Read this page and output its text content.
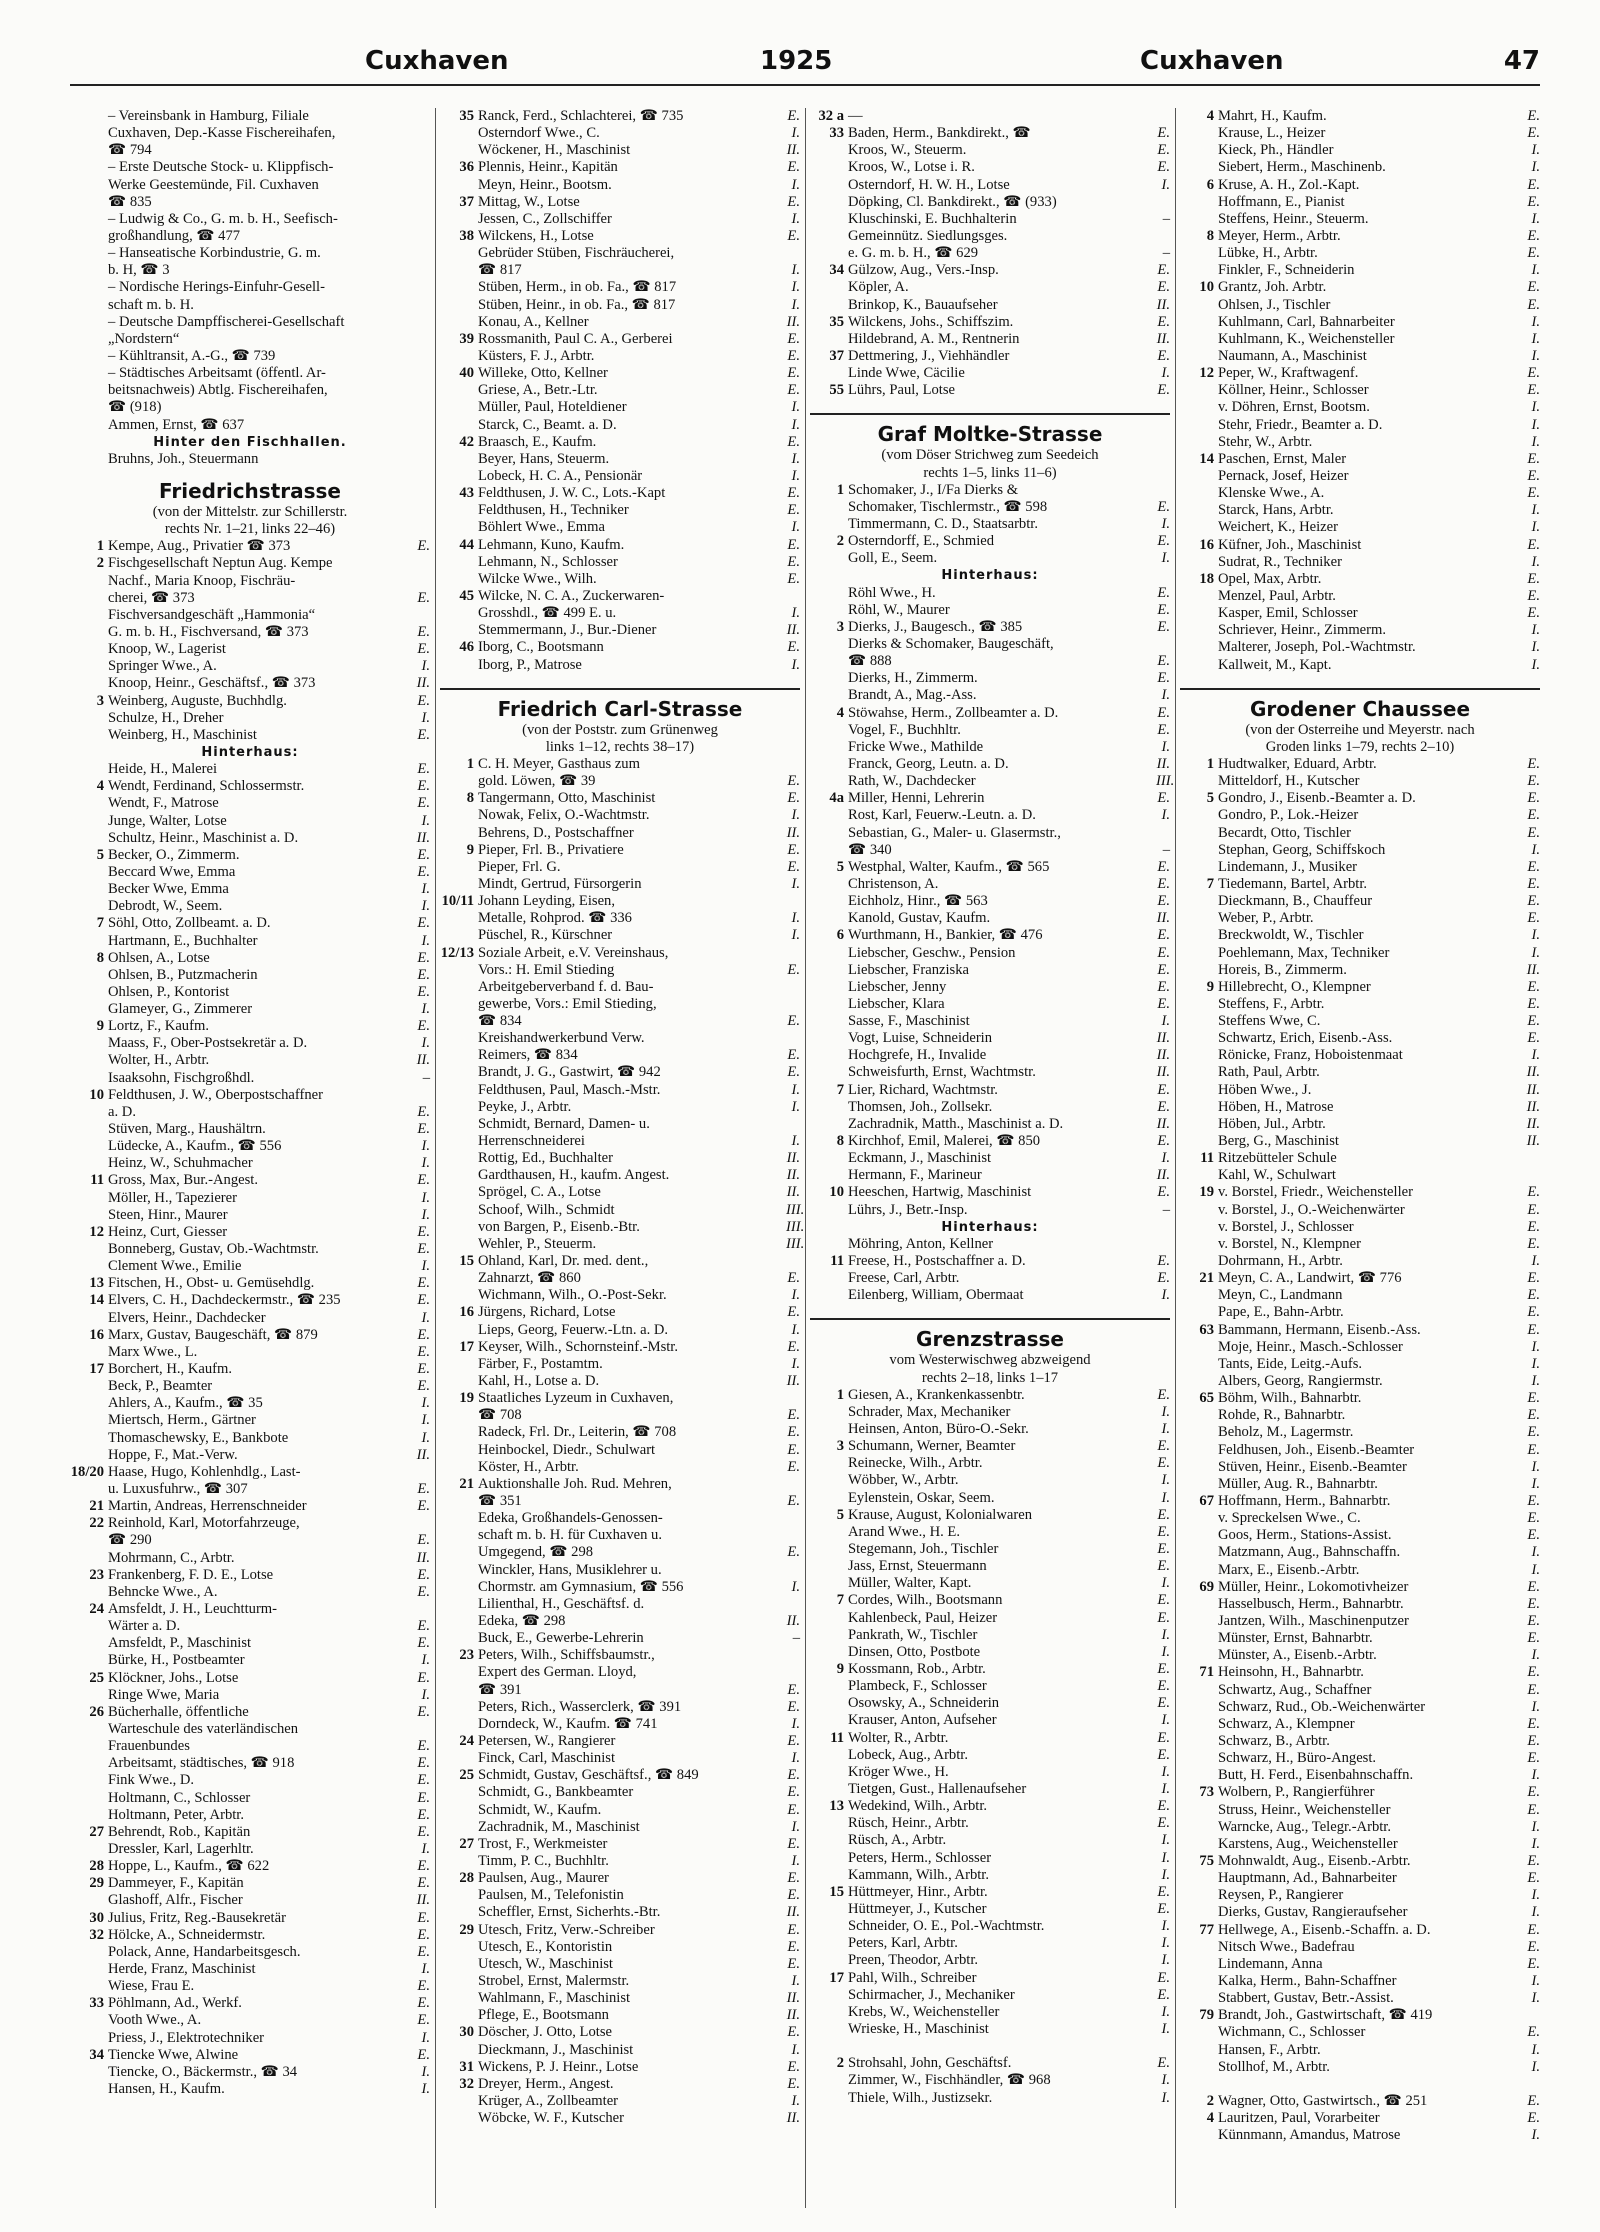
Cuxhaven	1925	Cuxhaven	47
– Vereinsbank in Hamburg, Filiale
Cuxhaven, Dep.-Kasse Fischereihafen,
☎ 794
– Erste Deutsche Stock- u. Klippfisch-
Werke Geestemünde, Fil. Cuxhaven
☎ 835
– Ludwig & Co., G. m. b. H., Seefisch-
großhandlung, ☎ 477
– Hanseatische Korbindustrie, G. m.
b. H, ☎ 3
– Nordische Herings-Einfuhr-Gesell-
schaft m. b. H.
– Deutsche Dampffischerei-Gesellschaft
„Nordstern“
– Kühltransit, A.-G., ☎ 739
– Städtisches Arbeitsamt (öffentl. Ar-
beitsnachweis) Abtlg. Fischereihafen,
☎ (918)
Ammen, Ernst, ☎ 637
Hinter den Fischhallen.
Bruhns, Joh., Steuermann
Friedrichstrasse
(von der Mittelstr. zur Schillerstr.
rechts Nr. 1–21, links 22–46)
1 Kempe, Aug., Privatier ☎ 373	E.
2 Fischgesellschaft Neptun Aug. Kempe
Nachf., Maria Knoop, Fischräu-
cherei, ☎ 373	E.
Fischversandgeschäft „Hammonia“
G. m. b. H., Fischversand, ☎ 373	E.
Knoop, W., Lagerist	E.
Springer Wwe., A.	I.
Knoop, Heinr., Geschäftsf., ☎ 373	II.
3 Weinberg, Auguste, Buchhdlg.	E.
Schulze, H., Dreher	I.
Weinberg, H., Maschinist	E.
Hinterhaus:
Heide, H., Malerei	E.
4 Wendt, Ferdinand, Schlossermstr.	E.
Wendt, F., Matrose	E.
Junge, Walter, Lotse	I.
Schultz, Heinr., Maschinist a. D.	II.
5 Becker, O., Zimmerm.	E.
Beccard Wwe, Emma	E.
Becker Wwe, Emma	I.
Debrodt, W., Seem.	I.
7 Söhl, Otto, Zollbeamt. a. D.	E.
Hartmann, E., Buchhalter	I.
8 Ohlsen, A., Lotse	E.
Ohlsen, B., Putzmacherin	E.
Ohlsen, P., Kontorist	E.
Glameyer, G., Zimmerer	I.
9 Lortz, F., Kaufm.	E.
Maass, F., Ober-Postsekretär a. D.	I.
Wolter, H., Arbtr.	II.
Isaaksohn, Fischgroßhdl.	–
10 Feldthusen, J. W., Oberpostschaffner
a. D.	E.
Stüven, Marg., Haushältrn.	E.
Lüdecke, A., Kaufm., ☎ 556	I.
Heinz, W., Schuhmacher	I.
11 Gross, Max, Bur.-Angest.	E.
Möller, H., Tapezierer	I.
Steen, Hinr., Maurer	I.
12 Heinz, Curt, Giesser	E.
Bonneberg, Gustav, Ob.-Wachtmstr.	E.
Clement Wwe., Emilie	I.
13 Fitschen, H., Obst- u. Gemüsehdlg.	E.
14 Elvers, C. H., Dachdeckermstr., ☎ 235	E.
Elvers, Heinr., Dachdecker	I.
16 Marx, Gustav, Baugeschäft, ☎ 879	E.
Marx Wwe., L.	E.
17 Borchert, H., Kaufm.	E.
Beck, P., Beamter	E.
Ahlers, A., Kaufm., ☎ 35	I.
Miertsch, Herm., Gärtner	I.
Thomaschewsky, E., Bankbote	I.
Hoppe, F., Mat.-Verw.	II.
18/20 Haase, Hugo, Kohlenhdlg., Last-
u. Luxusfuhrw., ☎ 307	E.
21 Martin, Andreas, Herrenschneider	E.
22 Reinhold, Karl, Motorfahrzeuge,
☎ 290	E.
Mohrmann, C., Arbtr.	II.
23 Frankenberg, F. D. E., Lotse	E.
Behncke Wwe., A.	E.
24 Amsfeldt, J. H., Leuchtturm-
Wärter a. D.	E.
Amsfeldt, P., Maschinist	E.
Bürke, H., Postbeamter	I.
25 Klöckner, Johs., Lotse	E.
Ringe Wwe, Maria	I.
26 Bücherhalle, öffentliche	E.
Warteschule des vaterländischen
Frauenbundes	E.
Arbeitsamt, städtisches, ☎ 918	E.
Fink Wwe., D.	E.
Holtmann, C., Schlosser	E.
Holtmann, Peter, Arbtr.	E.
27 Behrendt, Rob., Kapitän	E.
Dressler, Karl, Lagerhltr.	I.
28 Hoppe, L., Kaufm., ☎ 622	E.
29 Dammeyer, F., Kapitän	E.
Glashoff, Alfr., Fischer	II.
30 Julius, Fritz, Reg.-Bausekretär	E.
32 Hölcke, A., Schneidermstr.	E.
Polack, Anne, Handarbeitsgesch.	E.
Herde, Franz, Maschinist	I.
Wiese, Frau E.	E.
33 Pöhlmann, Ad., Werkf.	E.
Vooth Wwe., A.	E.
Priess, J., Elektrotechniker	I.
34 Tiencke Wwe, Alwine	E.
Tiencke, O., Bäckermstr., ☎ 34	I.
Hansen, H., Kaufm.	I.
35 Ranck, Ferd., Schlachterei, ☎ 735	E.
Osterndorf Wwe., C.	I.
Wöckener, H., Maschinist	II.
36 Plennis, Heinr., Kapitän	E.
Meyn, Heinr., Bootsm.	I.
37 Mittag, W., Lotse	E.
Jessen, C., Zollschiffer	I.
38 Wilckens, H., Lotse	E.
Gebrüder Stüben, Fischräucherei,
☎ 817	I.
Stüben, Herm., in ob. Fa., ☎ 817	I.
Stüben, Heinr., in ob. Fa., ☎ 817	I.
Konau, A., Kellner	II.
39 Rossmanith, Paul C. A., Gerberei	E.
Küsters, F. J., Arbtr.	E.
40 Willeke, Otto, Kellner	E.
Griese, A., Betr.-Ltr.	E.
Müller, Paul, Hoteldiener	I.
Starck, C., Beamt. a. D.	I.
42 Braasch, E., Kaufm.	E.
Beyer, Hans, Steuerm.	I.
Lobeck, H. C. A., Pensionär	I.
43 Feldthusen, J. W. C., Lots.-Kapt	E.
Feldthusen, H., Techniker	E.
Böhlert Wwe., Emma	I.
44 Lehmann, Kuno, Kaufm.	E.
Lehmann, N., Schlosser	E.
Wilcke Wwe., Wilh.	E.
45 Wilcke, N. C. A., Zuckerwaren-
Grosshdl., ☎ 499 E. u.	I.
Stemmermann, J., Bur.-Diener	II.
46 Iborg, C., Bootsmann	E.
Iborg, P., Matrose	I.
Friedrich Carl-Strasse
(von der Poststr. zum Grünenweg
links 1–12, rechts 38–17)
1 C. H. Meyer, Gasthaus zum
gold. Löwen, ☎ 39	E.
8 Tangermann, Otto, Maschinist	E.
Nowak, Felix, O.-Wachtmstr.	I.
Behrens, D., Postschaffner	II.
9 Pieper, Frl. B., Privatiere	E.
Pieper, Frl. G.	E.
Mindt, Gertrud, Fürsorgerin	I.
10/11 Johann Leyding, Eisen,
Metalle, Rohprod. ☎ 336	I.
Püschel, R., Kürschner	I.
12/13 Soziale Arbeit, e.V. Vereinshaus,
Vors.: H. Emil Stieding	E.
Arbeitgeberverband f. d. Bau-
gewerbe, Vors.: Emil Stieding,
☎ 834	E.
Kreishandwerkerbund Verw.
Reimers, ☎ 834	E.
Brandt, J. G., Gastwirt, ☎ 942	E.
Feldthusen, Paul, Masch.-Mstr.	I.
Peyke, J., Arbtr.	I.
Schmidt, Bernard, Damen- u.
Herrenschneiderei	I.
Rottig, Ed., Buchhalter	II.
Gardthausen, H., kaufm. Angest.	II.
Sprögel, C. A., Lotse	II.
Schoof, Wilh., Schmidt	III.
von Bargen, P., Eisenb.-Btr.	III.
Wehler, P., Steuerm.	III.
15 Ohland, Karl, Dr. med. dent.,
Zahnarzt, ☎ 860	E.
Wichmann, Wilh., O.-Post-Sekr.	I.
16 Jürgens, Richard, Lotse	E.
Lieps, Georg, Feuerw.-Ltn. a. D.	I.
17 Keyser, Wilh., Schornsteinf.-Mstr.	E.
Färber, F., Postamtm.	I.
Kahl, H., Lotse a. D.	II.
19 Staatliches Lyzeum in Cuxhaven,
☎ 708	E.
Radeck, Frl. Dr., Leiterin, ☎ 708	E.
Heinbockel, Diedr., Schulwart	E.
Köster, H., Arbtr.	E.
21 Auktionshalle Joh. Rud. Mehren,
☎ 351	E.
Edeka, Großhandels-Genossen-
schaft m. b. H. für Cuxhaven u.
Umgegend, ☎ 298	E.
Winckler, Hans, Musiklehrer u.
Chormstr. am Gymnasium, ☎ 556	I.
Lilienthal, H., Geschäftsf. d.
Edeka, ☎ 298	II.
Buck, E., Gewerbe-Lehrerin	–
23 Peters, Wilh., Schiffsbaumstr.,
Expert des German. Lloyd,
☎ 391	E.
Peters, Rich., Wasserclerk, ☎ 391	E.
Dorndeck, W., Kaufm. ☎ 741	I.
24 Petersen, W., Rangierer	E.
Finck, Carl, Maschinist	I.
25 Schmidt, Gustav, Geschäftsf., ☎ 849	E.
Schmidt, G., Bankbeamter	E.
Schmidt, W., Kaufm.	E.
Zachradnik, M., Maschinist	I.
27 Trost, F., Werkmeister	E.
Timm, P. C., Buchhltr.	I.
28 Paulsen, Aug., Maurer	E.
Paulsen, M., Telefonistin	E.
Scheffler, Ernst, Sicherhts.-Btr.	II.
29 Utesch, Fritz, Verw.-Schreiber	E.
Utesch, E., Kontoristin	E.
Utesch, W., Maschinist	E.
Strobel, Ernst, Malermstr.	I.
Wahlmann, F., Maschinist	II.
Pflege, E., Bootsmann	II.
30 Döscher, J. Otto, Lotse	E.
Dieckmann, J., Maschinist	I.
31 Wickens, P. J. Heinr., Lotse	E.
32 Dreyer, Herm., Angest.	E.
Krüger, A., Zollbeamter	I.
Wöbcke, W. F., Kutscher	II.
32 a —
33 Baden, Herm., Bankdirekt., ☎	E.
Kroos, W., Steuerm.	E.
Kroos, W., Lotse i. R.	E.
Osterndorf, H. W. H., Lotse	I.
Döpking, Cl. Bankdirekt., ☎ (933)
Kluschinski, E. Buchhalterin	–
Gemeinnütz. Siedlungsges.
e. G. m. b. H., ☎ 629	–
34 Gülzow, Aug., Vers.-Insp.	E.
Köpler, A.	E.
Brinkop, K., Bauaufseher	II.
35 Wilckens, Johs., Schiffszim.	E.
Hildebrand, A. M., Rentnerin	II.
37 Dettmering, J., Viehhändler	E.
Linde Wwe, Cäcilie	I.
55 Lührs, Paul, Lotse	E.
Graf Moltke-Strasse
(vom Döser Strichweg zum Seedeich
rechts 1–5, links 11–6)
1 Schomaker, J., I/Fa Dierks &
Schomaker, Tischlermstr., ☎ 598	E.
Timmermann, C. D., Staatsarbtr.	I.
2 Osterndorff, E., Schmied	E.
Goll, E., Seem.	I.
Hinterhaus:
Röhl Wwe., H.	E.
Röhl, W., Maurer	E.
3 Dierks, J., Baugesch., ☎ 385	E.
Dierks & Schomaker, Baugeschäft,
☎ 888	E.
Dierks, H., Zimmerm.	E.
Brandt, A., Mag.-Ass.	I.
4 Stöwahse, Herm., Zollbeamter a. D.	E.
Vogel, F., Buchhltr.	E.
Fricke Wwe., Mathilde	I.
Franck, Georg, Leutn. a. D.	II.
Rath, W., Dachdecker	III.
4a Miller, Henni, Lehrerin	E.
Rost, Karl, Feuerw.-Leutn. a. D.	I.
Sebastian, G., Maler- u. Glasermstr.,
☎ 340	–
5 Westphal, Walter, Kaufm., ☎ 565	E.
Christenson, A.	E.
Eichholz, Hinr., ☎ 563	E.
Kanold, Gustav, Kaufm.	II.
6 Wurthmann, H., Bankier, ☎ 476	E.
Liebscher, Geschw., Pension	E.
Liebscher, Franziska	E.
Liebscher, Jenny	E.
Liebscher, Klara	E.
Sasse, F., Maschinist	I.
Vogt, Luise, Schneiderin	II.
Hochgrefe, H., Invalide	II.
Schweisfurth, Ernst, Wachtmstr.	II.
7 Lier, Richard, Wachtmstr.	E.
Thomsen, Joh., Zollsekr.	E.
Zachradnik, Matth., Maschinist a. D.	II.
8 Kirchhof, Emil, Malerei, ☎ 850	E.
Eckmann, J., Maschinist	I.
Hermann, F., Marineur	II.
10 Heeschen, Hartwig, Maschinist	E.
Lührs, J., Betr.-Insp.	–
Hinterhaus:
Möhring, Anton, Kellner
11 Freese, H., Postschaffner a. D.	E.
Freese, Carl, Arbtr.	E.
Eilenberg, William, Obermaat	I.
Grenzstrasse
vom Westerwischweg abzweigend
rechts 2–18, links 1–17
1 Giesen, A., Krankenkassenbtr.	E.
Schrader, Max, Mechaniker	I.
Heinsen, Anton, Büro-O.-Sekr.	I.
3 Schumann, Werner, Beamter	E.
Reinecke, Wilh., Arbtr.	E.
Wöbber, W., Arbtr.	I.
Eylenstein, Oskar, Seem.	I.
5 Krause, August, Kolonialwaren	E.
Arand Wwe., H. E.	E.
Stegemann, Joh., Tischler	E.
Jass, Ernst, Steuermann	E.
Müller, Walter, Kapt.	I.
7 Cordes, Wilh., Bootsmann	E.
Kahlenbeck, Paul, Heizer	E.
Pankrath, W., Tischler	I.
Dinsen, Otto, Postbote	I.
9 Kossmann, Rob., Arbtr.	E.
Plambeck, F., Schlosser	E.
Osowsky, A., Schneiderin	E.
Krauser, Anton, Aufseher	I.
11 Wolter, R., Arbtr.	E.
Lobeck, Aug., Arbtr.	E.
Kröger Wwe., H.	I.
Tietgen, Gust., Hallenaufseher	I.
13 Wedekind, Wilh., Arbtr.	E.
Rüsch, Heinr., Arbtr.	E.
Rüsch, A., Arbtr.	I.
Peters, Herm., Schlosser	I.
Kammann, Wilh., Arbtr.	I.
15 Hüttmeyer, Hinr., Arbtr.	E.
Hüttmeyer, J., Kutscher	E.
Schneider, O. E., Pol.-Wachtmstr.	I.
Peters, Karl, Arbtr.	I.
Preen, Theodor, Arbtr.	I.
17 Pahl, Wilh., Schreiber	E.
Schirmacher, J., Mechaniker	E.
Krebs, W., Weichensteller	I.
Wrieske, H., Maschinist	I.
2 Strohsahl, John, Geschäftsf.	E.
Zimmer, W., Fischhändler, ☎ 968	I.
Thiele, Wilh., Justizsekr.	I.
4 Mahrt, H., Kaufm.	E.
Krause, L., Heizer	E.
Kieck, Ph., Händler	I.
Siebert, Herm., Maschinenb.	I.
6 Kruse, A. H., Zol.-Kapt.	E.
Hoffmann, E., Pianist	E.
Steffens, Heinr., Steuerm.	I.
8 Meyer, Herm., Arbtr.	E.
Lübke, H., Arbtr.	E.
Finkler, F., Schneiderin	I.
10 Grantz, Joh. Arbtr.	E.
Ohlsen, J., Tischler	E.
Kuhlmann, Carl, Bahnarbeiter	I.
Kuhlmann, K., Weichensteller	I.
Naumann, A., Maschinist	I.
12 Peper, W., Kraftwagenf.	E.
Köllner, Heinr., Schlosser	E.
v. Döhren, Ernst, Bootsm.	I.
Stehr, Friedr., Beamter a. D.	I.
Stehr, W., Arbtr.	I.
14 Paschen, Ernst, Maler	E.
Pernack, Josef, Heizer	E.
Klenske Wwe., A.	E.
Starck, Hans, Arbtr.	I.
Weichert, K., Heizer	I.
16 Küfner, Joh., Maschinist	E.
Sudrat, R., Techniker	I.
18 Opel, Max, Arbtr.	E.
Menzel, Paul, Arbtr.	E.
Kasper, Emil, Schlosser	E.
Schriever, Heinr., Zimmerm.	I.
Malterer, Joseph, Pol.-Wachtmstr.	I.
Kallweit, M., Kapt.	I.
Grodener Chaussee
(von der Osterreihe und Meyerstr. nach
Groden links 1–79, rechts 2–10)
1 Hudtwalker, Eduard, Arbtr.	E.
Mitteldorf, H., Kutscher	E.
5 Gondro, J., Eisenb.-Beamter a. D.	E.
Gondro, P., Lok.-Heizer	E.
Becardt, Otto, Tischler	E.
Stephan, Georg, Schiffskoch	I.
Lindemann, J., Musiker	E.
7 Tiedemann, Bartel, Arbtr.	E.
Dieckmann, B., Chauffeur	E.
Weber, P., Arbtr.	E.
Breckwoldt, W., Tischler	I.
Poehlemann, Max, Techniker	I.
Horeis, B., Zimmerm.	II.
9 Hillebrecht, O., Klempner	E.
Steffens, F., Arbtr.	E.
Steffens Wwe, C.	E.
Schwartz, Erich, Eisenb.-Ass.	E.
Rönicke, Franz, Hoboistenmaat	I.
Rath, Paul, Arbtr.	II.
Höben Wwe., J.	II.
Höben, H., Matrose	II.
Höben, Jul., Arbtr.	II.
Berg, G., Maschinist	II.
11 Ritzebütteler Schule
Kahl, W., Schulwart
19 v. Borstel, Friedr., Weichensteller	E.
v. Borstel, J., O.-Weichenwärter	E.
v. Borstel, J., Schlosser	E.
v. Borstel, N., Klempner	E.
Dohrmann, H., Arbtr.	I.
21 Meyn, C. A., Landwirt, ☎ 776	E.
Meyn, C., Landmann	E.
Pape, E., Bahn-Arbtr.	E.
63 Bammann, Hermann, Eisenb.-Ass.	E.
Moje, Heinr., Masch.-Schlosser	I.
Tants, Eide, Leitg.-Aufs.	I.
Albers, Georg, Rangiermstr.	I.
65 Böhm, Wilh., Bahnarbtr.	E.
Rohde, R., Bahnarbtr.	E.
Beholz, M., Lagermstr.	E.
Feldhusen, Joh., Eisenb.-Beamter	E.
Stüven, Heinr., Eisenb.-Beamter	I.
Müller, Aug. R., Bahnarbtr.	I.
67 Hoffmann, Herm., Bahnarbtr.	E.
v. Spreckelsen Wwe., C.	E.
Goos, Herm., Stations-Assist.	E.
Matzmann, Aug., Bahnschaffn.	I.
Marx, E., Eisenb.-Arbtr.	I.
69 Müller, Heinr., Lokomotivheizer	E.
Hasselbusch, Herm., Bahnarbtr.	E.
Jantzen, Wilh., Maschinenputzer	E.
Münster, Ernst, Bahnarbtr.	E.
Münster, A., Eisenb.-Arbtr.	I.
71 Heinsohn, H., Bahnarbtr.	E.
Schwartz, Aug., Schaffner	E.
Schwarz, Rud., Ob.-Weichenwärter	I.
Schwarz, A., Klempner	E.
Schwarz, B., Arbtr.	E.
Schwarz, H., Büro-Angest.	E.
Butt, H. Ferd., Eisenbahnschaffn.	I.
73 Wolbern, P., Rangierführer	E.
Struss, Heinr., Weichensteller	E.
Warncke, Aug., Telegr.-Arbtr.	I.
Karstens, Aug., Weichensteller	I.
75 Mohnwaldt, Aug., Eisenb.-Arbtr.	E.
Hauptmann, Ad., Bahnarbeiter	E.
Reysen, P., Rangierer	I.
Dierks, Gustav, Rangieraufseher	I.
77 Hellwege, A., Eisenb.-Schaffn. a. D.	E.
Nitsch Wwe., Badefrau	E.
Lindemann, Anna	E.
Kalka, Herm., Bahn-Schaffner	I.
Stabbert, Gustav, Betr.-Assist.	I.
79 Brandt, Joh., Gastwirtschaft, ☎ 419
Wichmann, C., Schlosser	E.
Hansen, F., Arbtr.	I.
Stollhof, M., Arbtr.	I.
2 Wagner, Otto, Gastwirtsch., ☎ 251	E.
4 Lauritzen, Paul, Vorarbeiter	E.
Künnmann, Amandus, Matrose	I.
